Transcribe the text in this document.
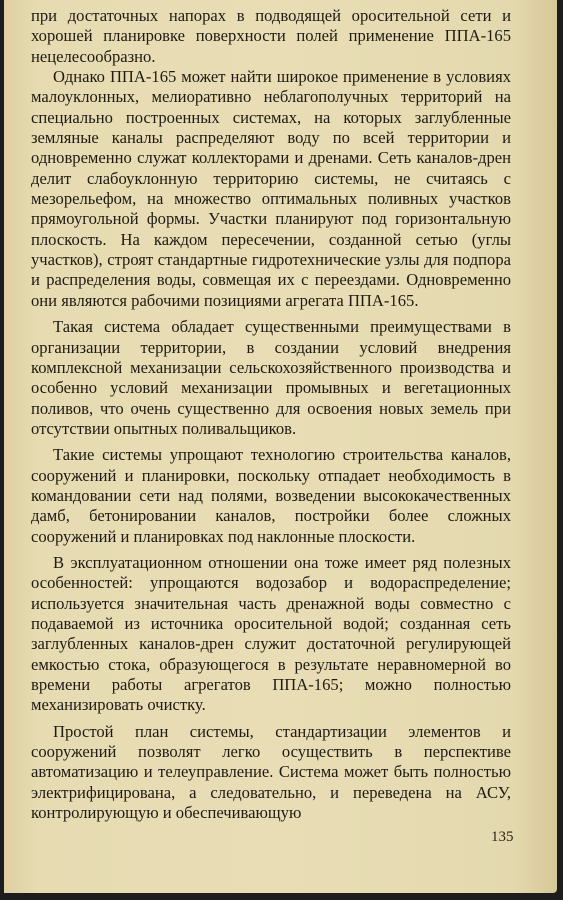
при достаточных напорах в подводящей оросительной сети и хорошей планировке поверхности полей применение ППА-165 нецелесообразно.

Однако ППА-165 может найти широкое применение в условиях малоуклонных, мелиоративно неблагополучных территорий на специально построенных системах, на которых заглубленные земляные каналы распределяют воду по всей территории и одновременно служат коллекторами и дренами. Сеть каналов-дрен делит слабоуклонную территорию системы, не считаясь с мезорельефом, на множество оптимальных поливных участков прямоугольной формы. Участки планируют под горизонтальную плоскость. На каждом пересечении, созданной сетью (углы участков), строят стандартные гидротехнические узлы для подпора и распределения воды, совмещая их с переездами. Одновременно они являются рабочими позициями агрегата ППА-165.

Такая система обладает существенными преимуществами в организации территории, в создании условий внедрения комплексной механизации сельскохозяйственного производства и особенно условий механизации промывных и вегетационных поливов, что очень существенно для освоения новых земель при отсутствии опытных поливальщиков.

Такие системы упрощают технологию строительства каналов, сооружений и планировки, поскольку отпадает необходимость в командовании сети над полями, возведении высококачественных дамб, бетонировании каналов, постройки более сложных сооружений и планировках под наклонные плоскости.

В эксплуатационном отношении она тоже имеет ряд полезных особенностей: упрощаются водозабор и водораспределение; используется значительная часть дренажной воды совместно с подаваемой из источника оросительной водой; созданная сеть заглубленных каналов-дрен служит достаточной регулирующей емкостью стока, образующегося в результате неравномерной во времени работы агрегатов ППА-165; можно полностью механизировать очистку.

Простой план системы, стандартизации элементов и сооружений позволят легко осуществить в перспективе автоматизацию и телеуправление. Система может быть полностью электрифицирована, а следовательно, и переведена на АСУ, контролирующую и обеспечивающую

135
